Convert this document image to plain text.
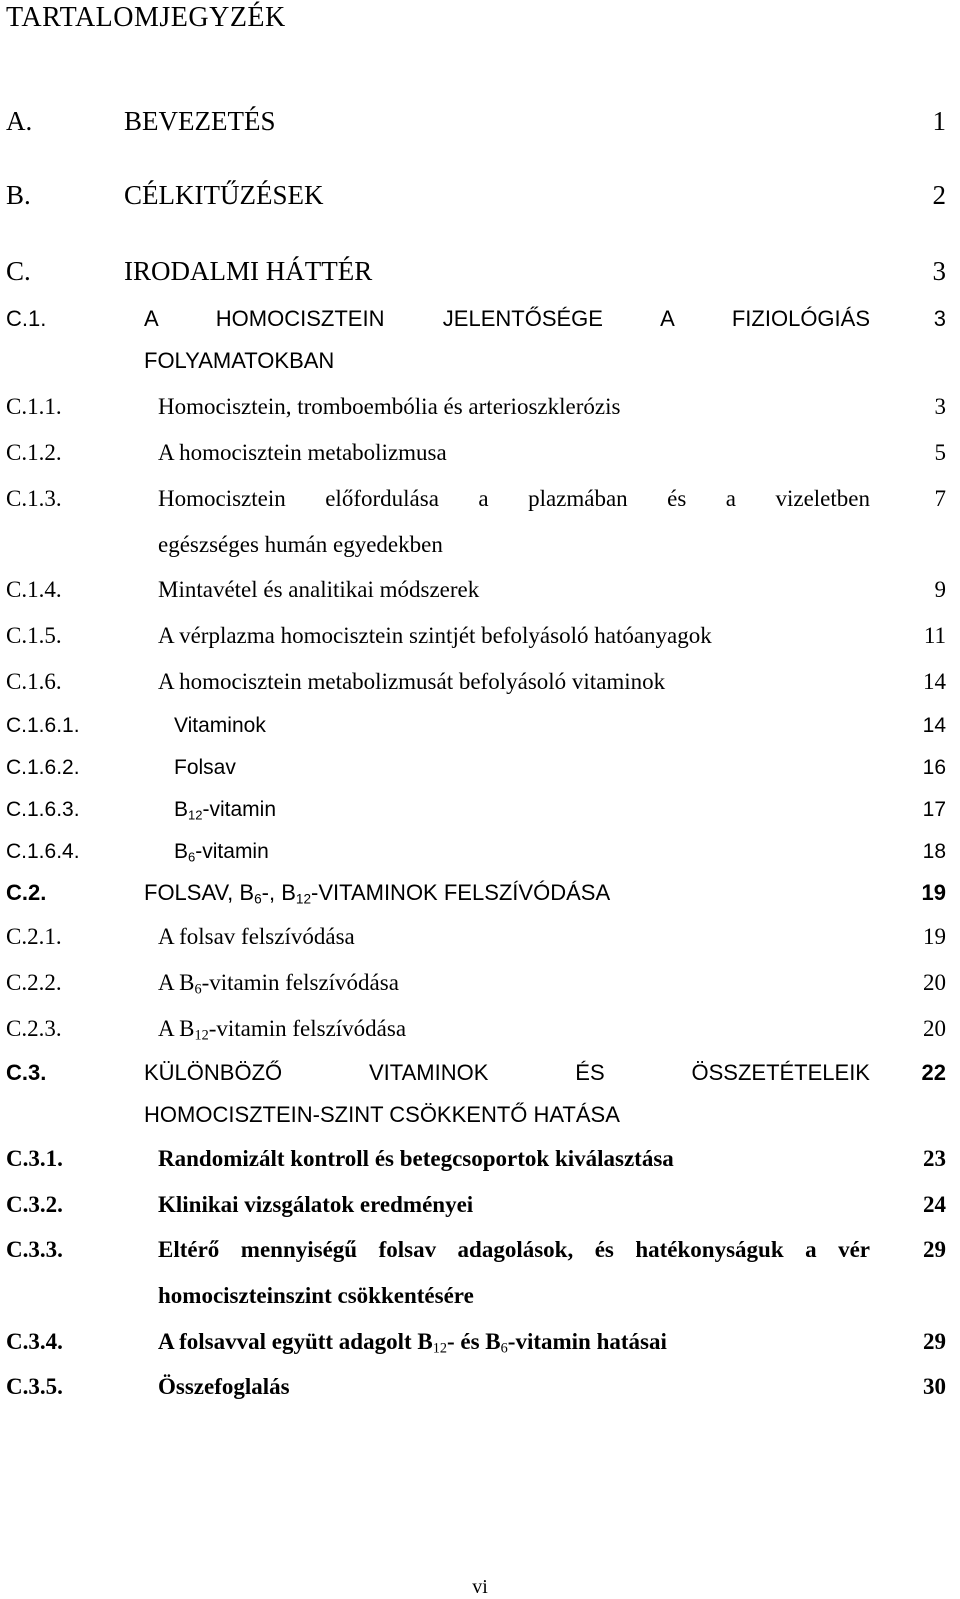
TARTALOMJEGYZÉK
A.	BEVEZETÉS	1
B.	CÉLKITŰZÉSEK	2
C.	IRODALMI HÁTTÉR	3
C.1.	A HOMOCISZTEIN JELENTŐSÉGE A FIZIOLÓGIÁS	3
FOLYAMATOKBAN
C.1.1.	Homocisztein, tromboembólia és arterioszklerózis	3
C.1.2.	A homocisztein metabolizmusa	5
C.1.3.	Homocisztein előfordulása a plazmában és a vizeletben	7
egészséges humán egyedekben
C.1.4.	Mintavétel és analitikai módszerek	9
C.1.5.	A vérplazma homocisztein szintjét befolyásoló hatóanyagok	11
C.1.6.	A homocisztein metabolizmusát befolyásoló vitaminok	14
C.1.6.1.	Vitaminok	14
C.1.6.2.	Folsav	16
C.1.6.3.	$B_{12}$-vitamin	17
C.1.6.4.	$B_6$-vitamin	18
C.2.	FOLSAV, $B_6-$, $B_{12}$-VITAMINOK FELSZÍVÓDÁSA	19
C.2.1.	A folsav felszívódása	19
C.2.2.	A $B_6$-vitamin felszívódása	20
C.2.3.	A $B_{12}$-vitamin felszívódása	20
C.3.	KÜLÖNBÖZŐ VITAMINOK ÉS ÖSSZETÉTELEIK 22
HOMOCISZTEIN-SZINT CSÖKKENTŐ HATÁSA
C.3.1.	Randomizált kontroll és betegcsoportok kiválasztása	23
C.3.2.	Klinikai vizsgálatok eredményei	24
C.3.3.	Eltérő mennyiségű folsav adagolások, és hatékonyságuk a vér 29
homociszteinszint csökkentésére
C.3.4.	A folsavval együtt adagolt $B_{12}-$ és $B_6$-vitamin hatásai	29
C.3.5.	Összefoglalás	30
vi
